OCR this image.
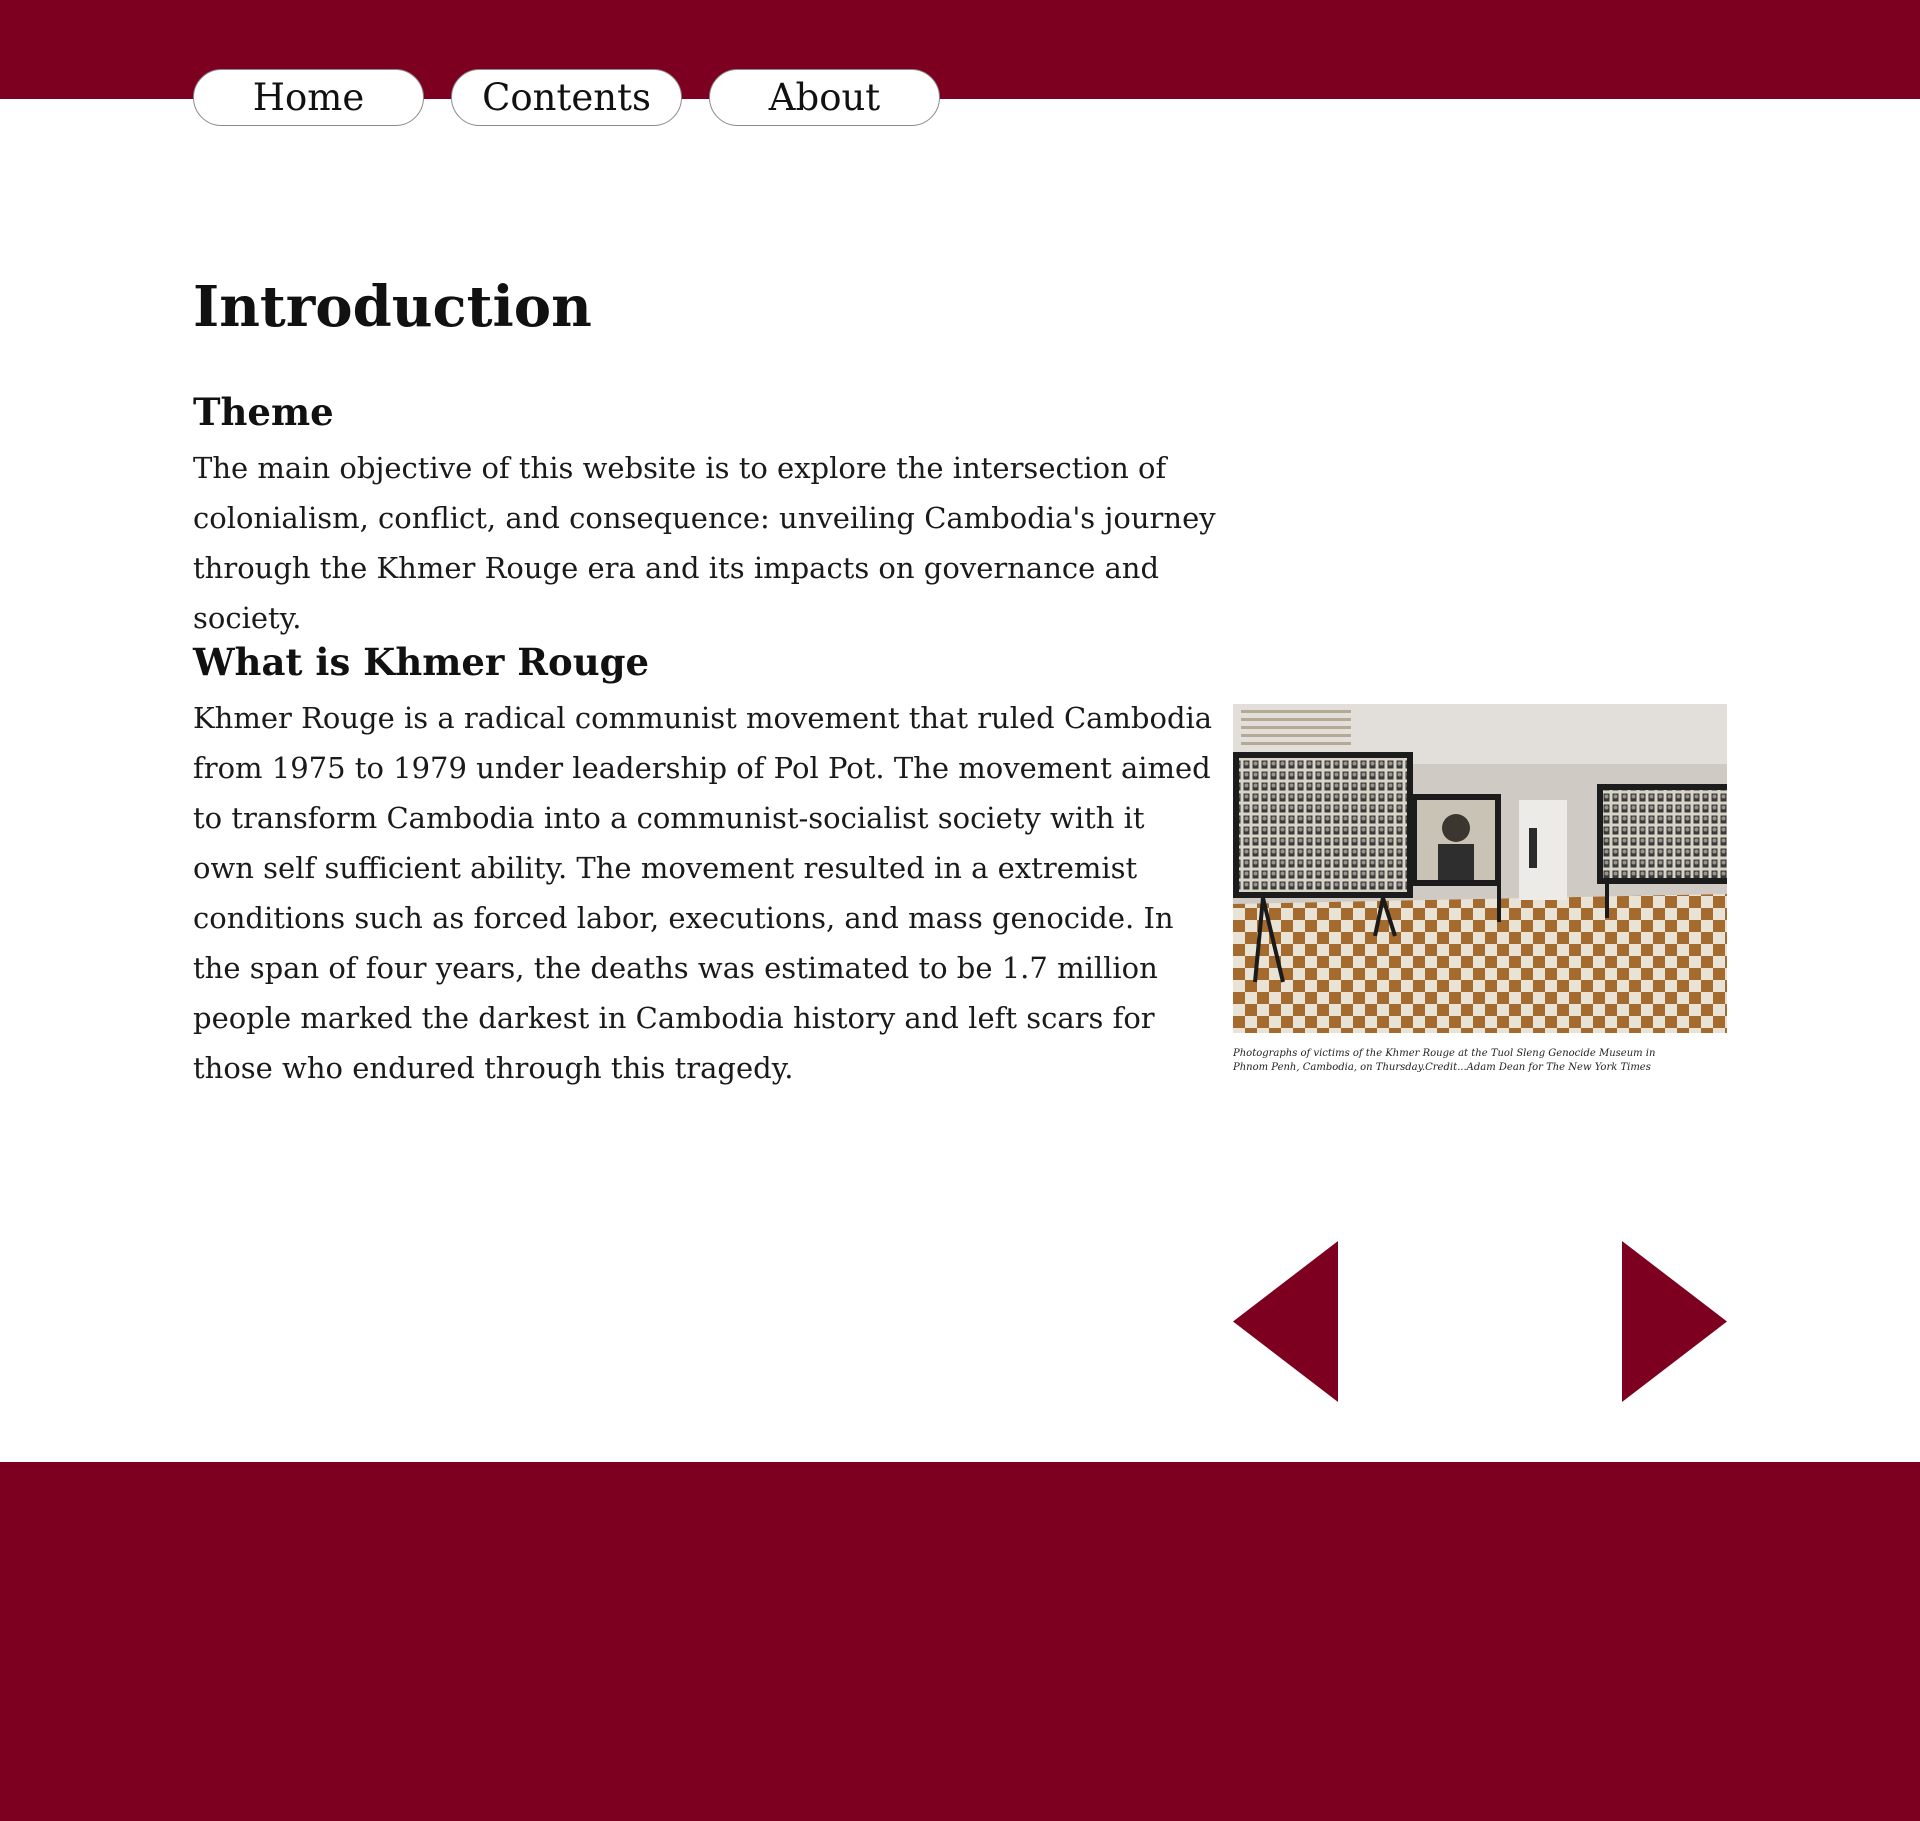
Home	Contents	About
Introduction
Theme

The main objective of this website is to explore the intersection of colonialism, conflict, and consequence: unveiling Cambodia's journey through the Khmer Rouge era and its impacts on governance and society.

What is Khmer Rouge

Khmer Rouge is a radical communist movement that ruled Cambodia from 1975 to 1979 under leadership of Pol Pot. The movement aimed to transform Cambodia into a communist-socialist society with it own self sufficient ability. The movement resulted in a extremist conditions such as forced labor, executions, and mass genocide. In the span of four years, the deaths was estimated to be 1.7 million people marked the darkest in Cambodia history and left scars for those who endured through this tragedy.	Photographs of victims of the Khmer Rouge at the Tuol Sleng Genocide Museum in Phnom Penh, Cambodia, on Thursday.Credit...Adam Dean for The New York Times
